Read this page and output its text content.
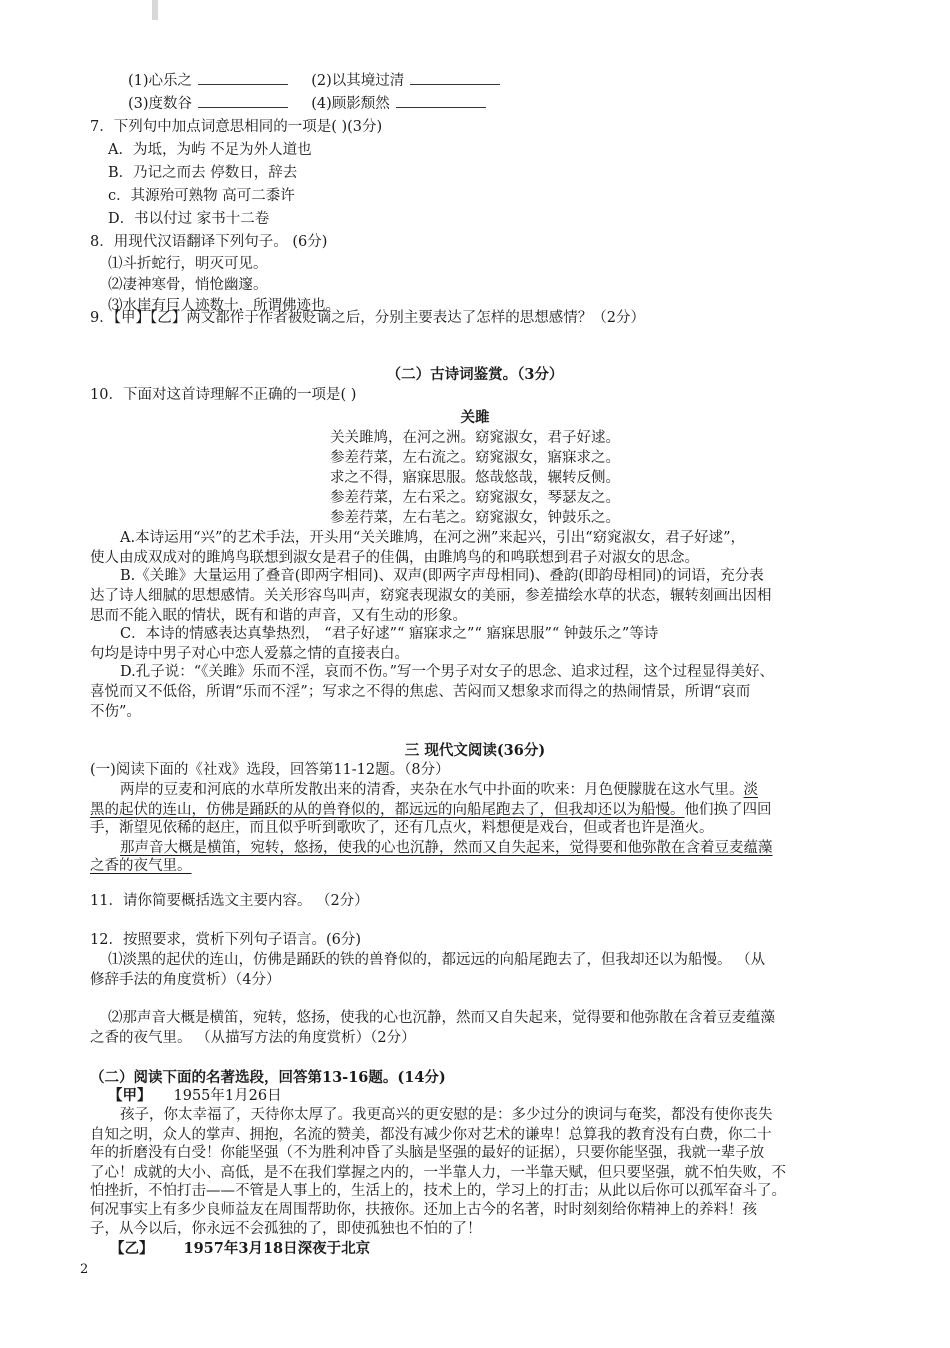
(1)心乐之	(2)以其境过清
(3)度数谷	(4)顾影颓然
7．下列句中加点词意思相同的一项是( )(3分)
A．为坻，为屿 不足为外人道也
B．乃记之而去 停数日，辞去
c．其源殆可熟物 高可二黍许
D．书以付过 家书十二卷
8．用现代汉语翻译下列句子。 (6分)
⑴斗折蛇行，明灭可见。
⑵凄神寒骨，悄怆幽邃。
⑶水崖有巨人迹数十，所谓佛迹也。
9．【甲】【乙】两文都作于作者被贬谪之后，分别主要表达了怎样的思想感情？（2分）
（二）古诗词鉴赏。（3分）
10．下面对这首诗理解不正确的一项是( )
关雎
关关雎鸠，在河之洲。窈窕淑女，君子好逑。
参差荇菜，左右流之。窈窕淑女，寤寐求之。
求之不得，寤寐思服。悠哉悠哉，辗转反侧。
参差荇菜，左右采之。窈窕淑女，琴瑟友之。
参差荇菜，左右芼之。窈窕淑女，钟鼓乐之。
A.本诗运用“兴”的艺术手法，开头用“关关雎鸠，在河之洲”来起兴，引出“窈窕淑女，君子好逑”，
使人由成双成对的雎鸠鸟联想到淑女是君子的佳偶，由雎鸠鸟的和鸣联想到君子对淑女的思念。
B.《关雎》大量运用了叠音(即两字相同)、双声(即两字声母相同)、叠韵(即韵母相同)的词语，充分表
达了诗人细腻的思想感情。关关形容鸟叫声，窈窕表现淑女的美丽，参差描绘水草的状态，辗转刻画出因相
思而不能入眠的情状，既有和谐的声音，又有生动的形象。
C．本诗的情感表达真挚热烈， “君子好逑”“ 寤寐求之”“ 寤寐思服”“ 钟鼓乐之”等诗
句均是诗中男子对心中恋人爱慕之情的直接表白。
D.孔子说：“《关雎》乐而不淫，哀而不伤。”写一个男子对女子的思念、追求过程，这个过程显得美好、
喜悦而又不低俗，所谓“乐而不淫”；写求之不得的焦虑、苦闷而又想象求而得之的热闹情景，所谓“哀而
不伤”。
三 现代文阅读(36分)
(一)阅读下面的《社戏》选段，回答第11-12题。（8分）
两岸的豆麦和河底的水草所发散出来的清香，夹杂在水气中扑面的吹来：月色便朦胧在这水气里。淡
黑的起伏的连山，仿佛是踊跃的从的兽脊似的，都远远的向船尾跑去了，但我却还以为船慢。他们换了四回
手，渐望见依稀的赵庄，而且似乎听到歌吹了，还有几点火，料想便是戏台，但或者也许是渔火。
那声音大概是横笛，宛转，悠扬，使我的心也沉静，然而又自失起来，觉得要和他弥散在含着豆麦蕴藻
之香的夜气里。
11．请你简要概括选文主要内容。 （2分）
12．按照要求，赏析下列句子语言。(6分)
⑴淡黑的起伏的连山，仿佛是踊跃的铁的兽脊似的，都远远的向船尾跑去了，但我却还以为船慢。 （从
修辞手法的角度赏析）（4分）
⑵那声音大概是横笛，宛转，悠扬，使我的心也沉静，然而又自失起来，觉得要和他弥散在含着豆麦蕴藻
之香的夜气里。 （从描写方法的角度赏析）（2分）
（二）阅读下面的名著选段，回答第13-16题。(14分)
【甲】 1955年1月26日
孩子，你太幸福了，天待你太厚了。我更高兴的更安慰的是：多少过分的谀词与奄奖，都没有使你丧失
自知之明，众人的掌声、拥抱，名流的赞美，都没有减少你对艺术的谦卑！总算我的教育没有白费，你二十
年的折磨没有白受！你能坚强（不为胜利冲昏了头脑是坚强的最好的证据），只要你能坚强，我就一辈子放
了心！成就的大小、高低，是不在我们掌握之内的，一半靠人力，一半靠天赋，但只要坚强，就不怕失败，不
怕挫折，不怕打击——不管是人事上的，生活上的，技术上的，学习上的打击；从此以后你可以孤军奋斗了。
何况事实上有多少良师益友在周围帮助你，扶掖你。还加上古今的名著，时时刻刻给你精神上的养料！孩
子，从今以后，你永远不会孤独的了，即使孤独也不怕的了！
【乙】 1957年3月18日深夜于北京
2
